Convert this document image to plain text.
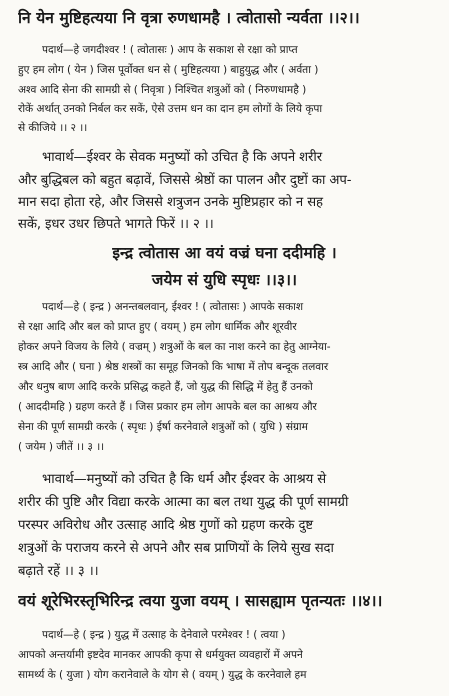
नि येन मुष्टिहत्यया नि वृत्रा रुणधामहै । त्वोतासो न्यर्वता ।।२।।
पदार्थ—हे जगदीश्वर ! ( त्वोतासः ) आप के सकाश से रक्षा को प्राप्त
हुए हम लोग ( येन ) जिस पूर्वोक्त धन से ( मुष्टिहत्यया ) बाहुयुद्ध और ( अर्वता )
अश्व आदि सेना की सामग्री से ( निवृत्रा ) निश्चित शत्रुओं को ( निरुणधामहै )
रोकें अर्थात् उनको निर्बल कर सकें, ऐसे उत्तम धन का दान हम लोगों के लिये कृपा
से कीजिये ।। २ ।।
भावार्थ—ईश्वर के सेवक मनुष्यों को उचित है कि अपने शरीर
और बुद्धिबल को बहुत बढ़ावें, जिससे श्रेष्ठों का पालन और दुष्टों का अप-
मान सदा होता रहे, और जिससे शत्रुजन उनके मुष्टिप्रहार को न सह
सकें, इधर उधर छिपते भागते फिरें ।। २ ।।
इन्द्र त्वोतास आ वयं वज्रं घना ददीमहि ।
जयेम सं युधि स्पृधः ।।३।।
पदार्थ—हे ( इन्द्र ) अनन्तबलवान्, ईश्वर ! ( त्वोतासः ) आपके सकाश
से रक्षा आदि और बल को प्राप्त हुए ( वयम् ) हम लोग धार्मिक और शूरवीर
होकर अपने विजय के लिये ( वज्रम् ) शत्रुओं के बल का नाश करने का हेतु आग्नेया-
स्त्र आदि और ( घना ) श्रेष्ठ शस्त्रों का समूह जिनको कि भाषा में तोप बन्दूक तलवार
और धनुष बाण आदि करके प्रसिद्ध कहते हैं, जो युद्ध की सिद्धि में हेतु हैं उनको
( आददीमहि ) ग्रहण करते हैं । जिस प्रकार हम लोग आपके बल का आश्रय और
सेना की पूर्ण सामग्री करके ( स्पृधः ) ईर्षा करनेवाले शत्रुओं को ( युधि ) संग्राम
( जयेम ) जीतें ।। ३ ।।
भावार्थ—मनुष्यों को उचित है कि धर्म और ईश्वर के आश्रय से
शरीर की पुष्टि और विद्या करके आत्मा का बल तथा युद्ध की पूर्ण सामग्री
परस्पर अविरोध और उत्साह आदि श्रेष्ठ गुणों को ग्रहण करके दुष्ट
शत्रुओं के पराजय करने से अपने और सब प्राणियों के लिये सुख सदा
बढ़ाते रहें ।। ३ ।।
वयं शूरेभिरस्तृभिरिन्द्र त्वया युजा वयम् । सासह्याम पृतन्यतः ।।४।।
पदार्थ—हे ( इन्द्र ) युद्ध में उत्साह के देनेवाले परमेश्वर ! ( त्वया )
आपको अन्तर्यामी इष्टदेव मानकर आपकी कृपा से धर्मयुक्त व्यवहारों में अपने
सामर्थ्य के ( युजा ) योग करानेवाले के योग से ( वयम् ) युद्ध के करनेवाले हम
